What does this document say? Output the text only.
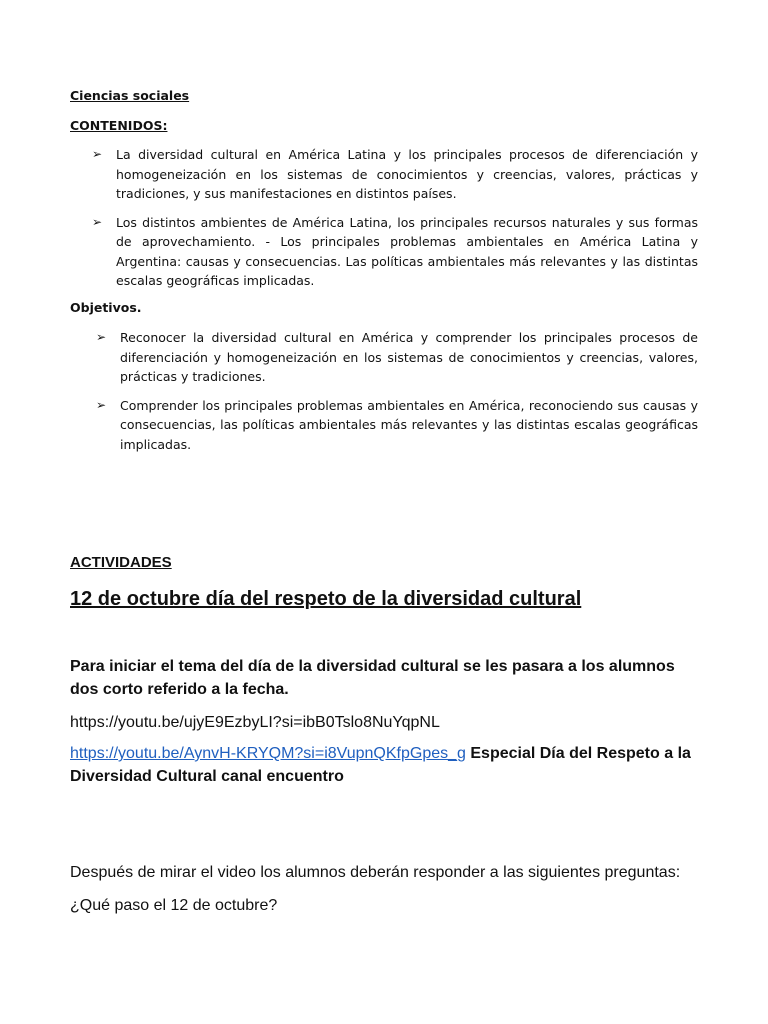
Ciencias sociales

CONTENIDOS:

➢ La diversidad cultural en América Latina y los principales procesos de diferenciación y homogeneización en los sistemas de conocimientos y creencias, valores, prácticas y tradiciones, y sus manifestaciones en distintos países.
➢ Los distintos ambientes de América Latina, los principales recursos naturales y sus formas de aprovechamiento. - Los principales problemas ambientales en América Latina y Argentina: causas y consecuencias. Las políticas ambientales más relevantes y las distintas escalas geográficas implicadas.

Objetivos.

➢ Reconocer la diversidad cultural en América y comprender los principales procesos de diferenciación y homogeneización en los sistemas de conocimientos y creencias, valores, prácticas y tradiciones.
➢ Comprender los principales problemas ambientales en América, reconociendo sus causas y consecuencias, las políticas ambientales más relevantes y las distintas escalas geográficas implicadas.

ACTIVIDADES

12 de octubre día del respeto de la diversidad cultural

Para iniciar el tema del día de la diversidad cultural se les pasara a los alumnos dos corto referido a la fecha.

https://youtu.be/ujyE9EzbyLI?si=ibB0Tslo8NuYqpNL

https://youtu.be/AynvH-KRYQM?si=i8VupnQKfpGpes_g Especial Día del Respeto a la Diversidad Cultural canal encuentro

Después de mirar el video los alumnos deberán responder a las siguientes preguntas:

¿Qué paso el 12 de octubre?
